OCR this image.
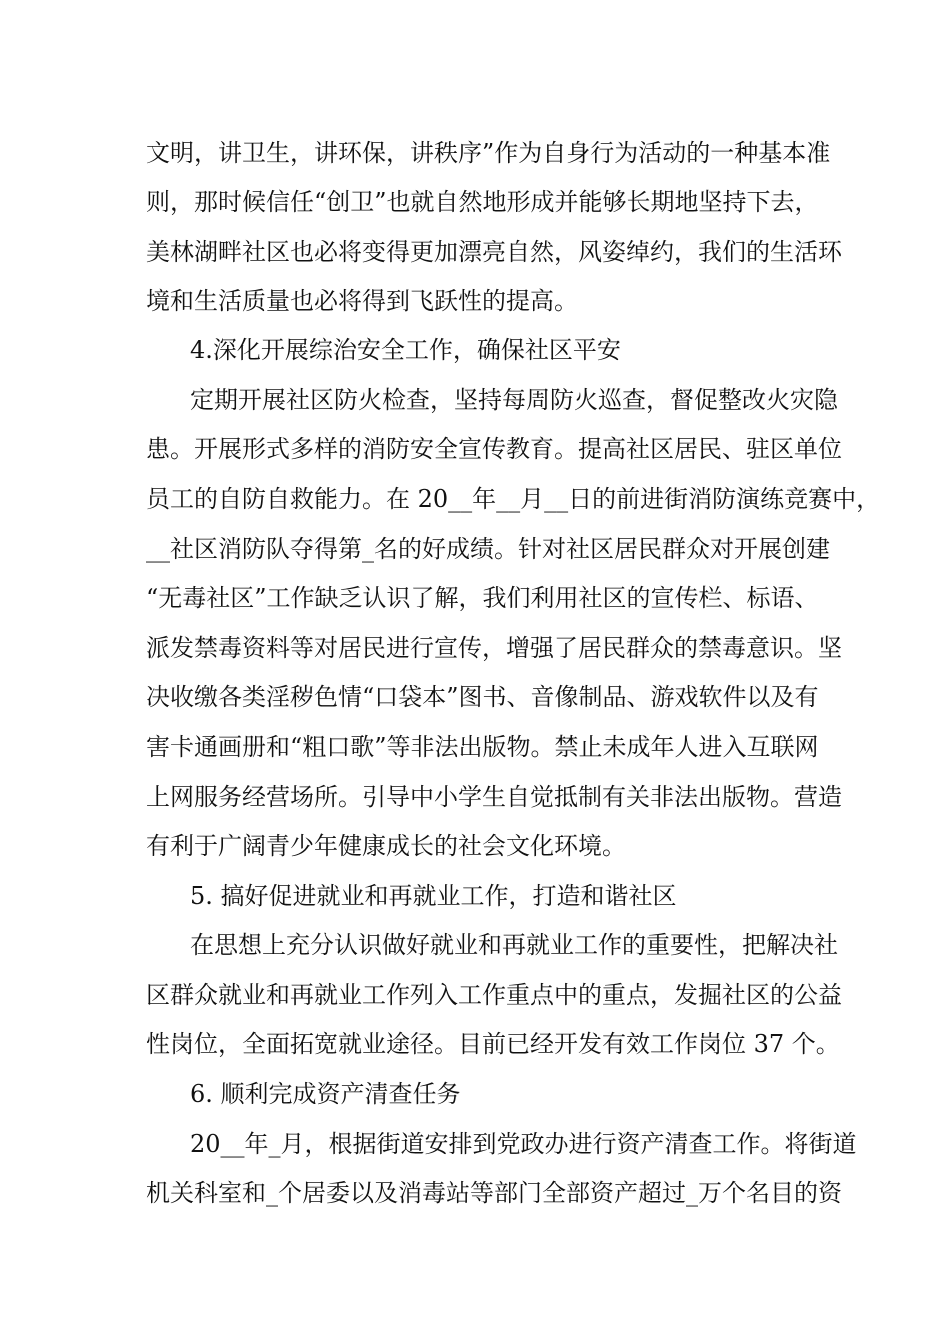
文明，讲卫生，讲环保，讲秩序”作为自身行为活动的一种基本准
则，那时候信任“创卫”也就自然地形成并能够长期地坚持下去，
美林湖畔社区也必将变得更加漂亮自然，风姿绰约，我们的生活环
境和生活质量也必将得到飞跃性的提高。
4.深化开展综治安全工作，确保社区平安
定期开展社区防火检查，坚持每周防火巡查，督促整改火灾隐
患。开展形式多样的消防安全宣传教育。提高社区居民、驻区单位
员工的自防自救能力。在 20__年__月__日的前进街消防演练竞赛中，
__社区消防队夺得第_名的好成绩。针对社区居民群众对开展创建
“无毒社区”工作缺乏认识了解，我们利用社区的宣传栏、标语、
派发禁毒资料等对居民进行宣传，增强了居民群众的禁毒意识。坚
决收缴各类淫秽色情“口袋本”图书、音像制品、游戏软件以及有
害卡通画册和“粗口歌”等非法出版物。禁止未成年人进入互联网
上网服务经营场所。引导中小学生自觉抵制有关非法出版物。营造
有利于广阔青少年健康成长的社会文化环境。
5. 搞好促进就业和再就业工作，打造和谐社区
在思想上充分认识做好就业和再就业工作的重要性，把解决社
区群众就业和再就业工作列入工作重点中的重点，发掘社区的公益
性岗位，全面拓宽就业途径。目前已经开发有效工作岗位 37 个。
6. 顺利完成资产清查任务
20__年_月，根据街道安排到党政办进行资产清查工作。将街道
机关科室和_个居委以及消毒站等部门全部资产超过_万个名目的资
